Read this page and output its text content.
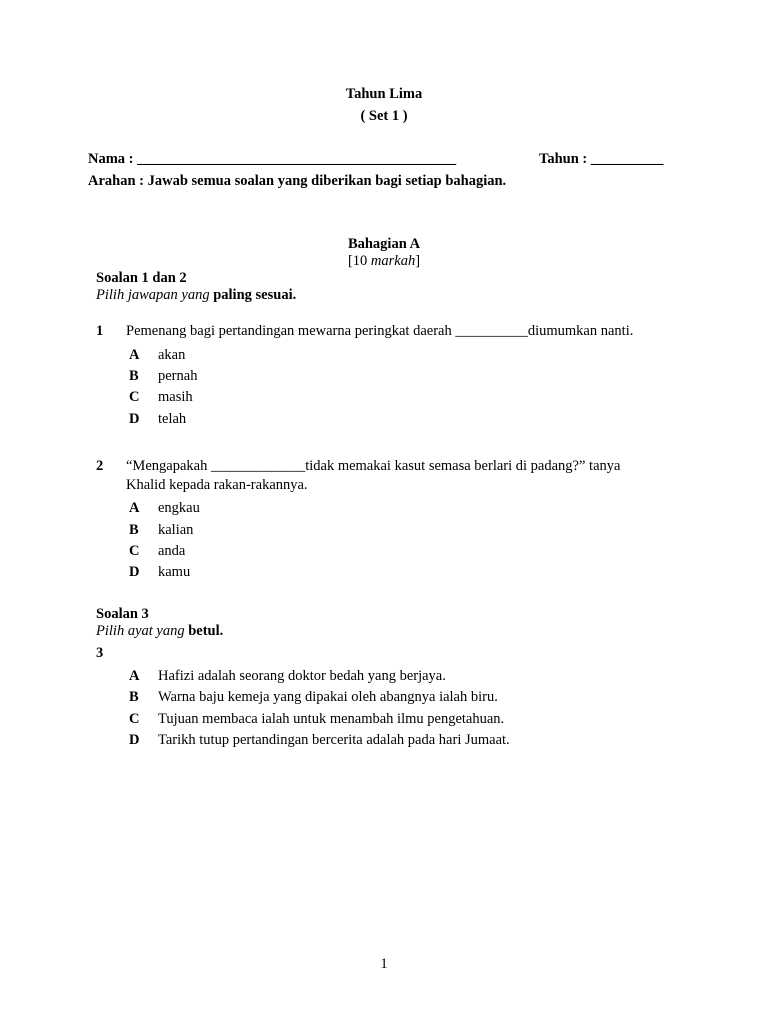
Tahun Lima
( Set 1 )
Nama : ____________________________________________	Tahun : __________
Arahan : Jawab semua soalan yang diberikan bagi setiap bahagian.
Bahagian A
[10 markah]
Soalan 1 dan 2
Pilih jawapan yang paling sesuai.
1 Pemenang bagi pertandingan mewarna peringkat daerah __________diumumkan nanti.
A akan
B pernah
C masih
D telah
2 “Mengapakah _____________tidak memakai kasut semasa berlari di padang?” tanya
Khalid kepada rakan-rakannya.
A engkau
B kalian
C anda
D kamu
Soalan 3
Pilih ayat yang betul.
3
A Hafizi adalah seorang doktor bedah yang berjaya.
B Warna baju kemeja yang dipakai oleh abangnya ialah biru.
C Tujuan membaca ialah untuk menambah ilmu pengetahuan.
D Tarikh tutup pertandingan bercerita adalah pada hari Jumaat.
1
